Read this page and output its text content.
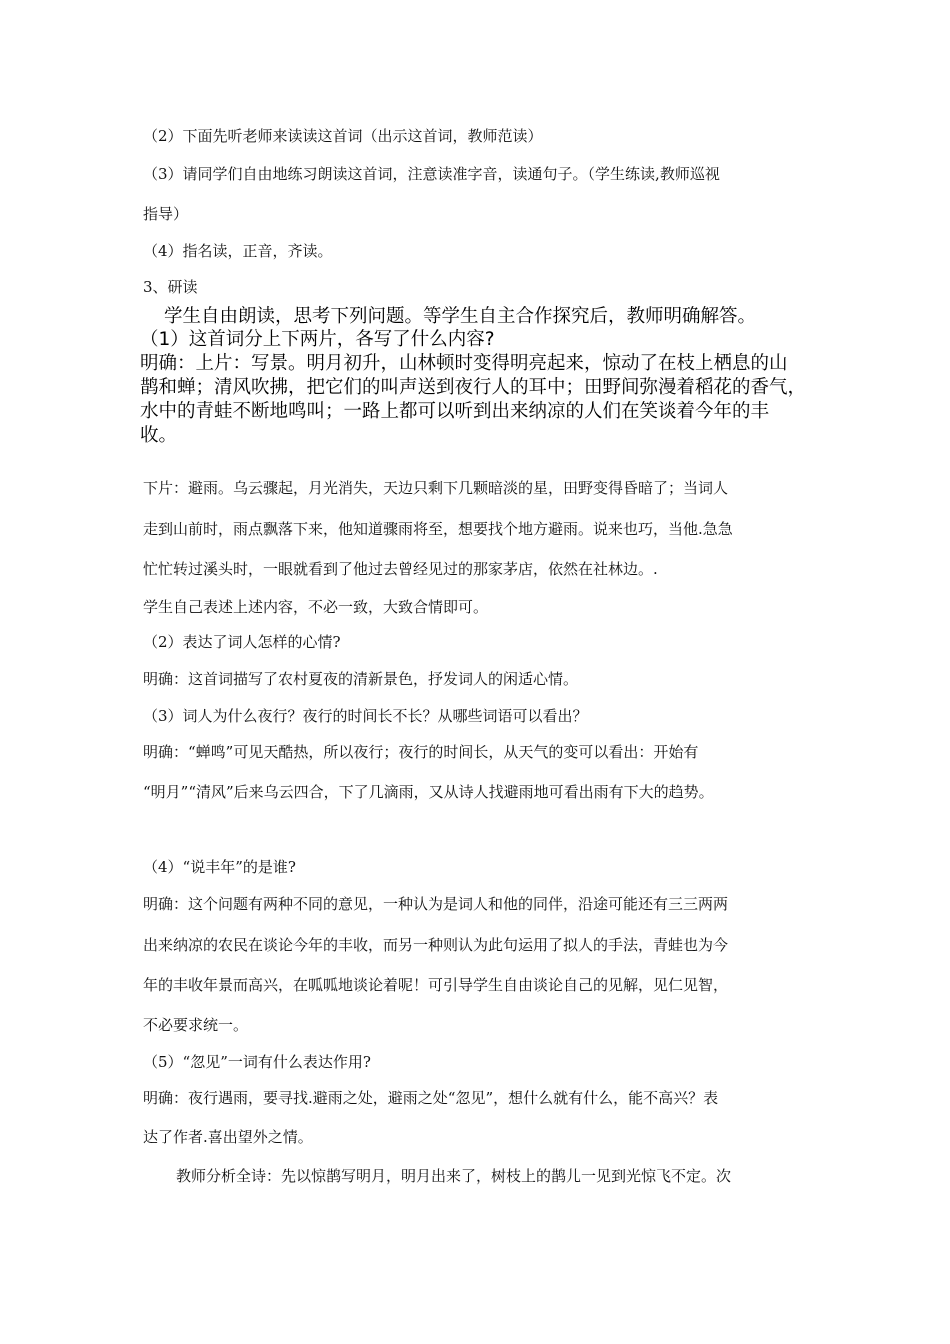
（2）下面先听老师来读读这首词（出示这首词，教师范读）
（3）请同学们自由地练习朗读这首词，注意读准字音，读通句子。（学生练读,教师巡视
指导）
（4）指名读，正音，齐读。
3、研读
学生自由朗读，思考下列问题。等学生自主合作探究后，教师明确解答。
（1）这首词分上下两片，各写了什么内容?
明确：上片：写景。明月初升，山林顿时变得明亮起来，惊动了在枝上栖息的山
鹊和蝉；清风吹拂，把它们的叫声送到夜行人的耳中；田野间弥漫着稻花的香气，
水中的青蛙不断地鸣叫；一路上都可以听到出来纳凉的人们在笑谈着今年的丰
收。
下片：避雨。乌云骤起，月光消失，天边只剩下几颗暗淡的星，田野变得昏暗了；当词人
走到山前时，雨点飘落下来，他知道骤雨将至，想要找个地方避雨。说来也巧，当他.急急
忙忙转过溪头时，一眼就看到了他过去曾经见过的那家茅店，依然在社林边。.
学生自己表述上述内容，不必一致，大致合情即可。
（2）表达了词人怎样的心情?
明确：这首词描写了农村夏夜的清新景色，抒发词人的闲适心情。
（3）词人为什么夜行？夜行的时间长不长？从哪些词语可以看出？
明确：“蝉鸣”可见天酷热，所以夜行；夜行的时间长，从天气的变可以看出：开始有
“明月”“清风”后来乌云四合，下了几滴雨，又从诗人找避雨地可看出雨有下大的趋势。
（4）“说丰年”的是谁?
明确：这个问题有两种不同的意见，一种认为是词人和他的同伴，沿途可能还有三三两两
出来纳凉的农民在谈论今年的丰收，而另一种则认为此句运用了拟人的手法，青蛙也为今
年的丰收年景而高兴，在呱呱地谈论着呢！可引导学生自由谈论自己的见解，见仁见智，
不必要求统一。
（5）“忽见”一词有什么表达作用?
明确：夜行遇雨，要寻找.避雨之处，避雨之处“忽见”，想什么就有什么，能不高兴？表
达了作者.喜出望外之情。
教师分析全诗：先以惊鹊写明月，明月出来了，树枝上的鹊儿一见到光惊飞不定。次
